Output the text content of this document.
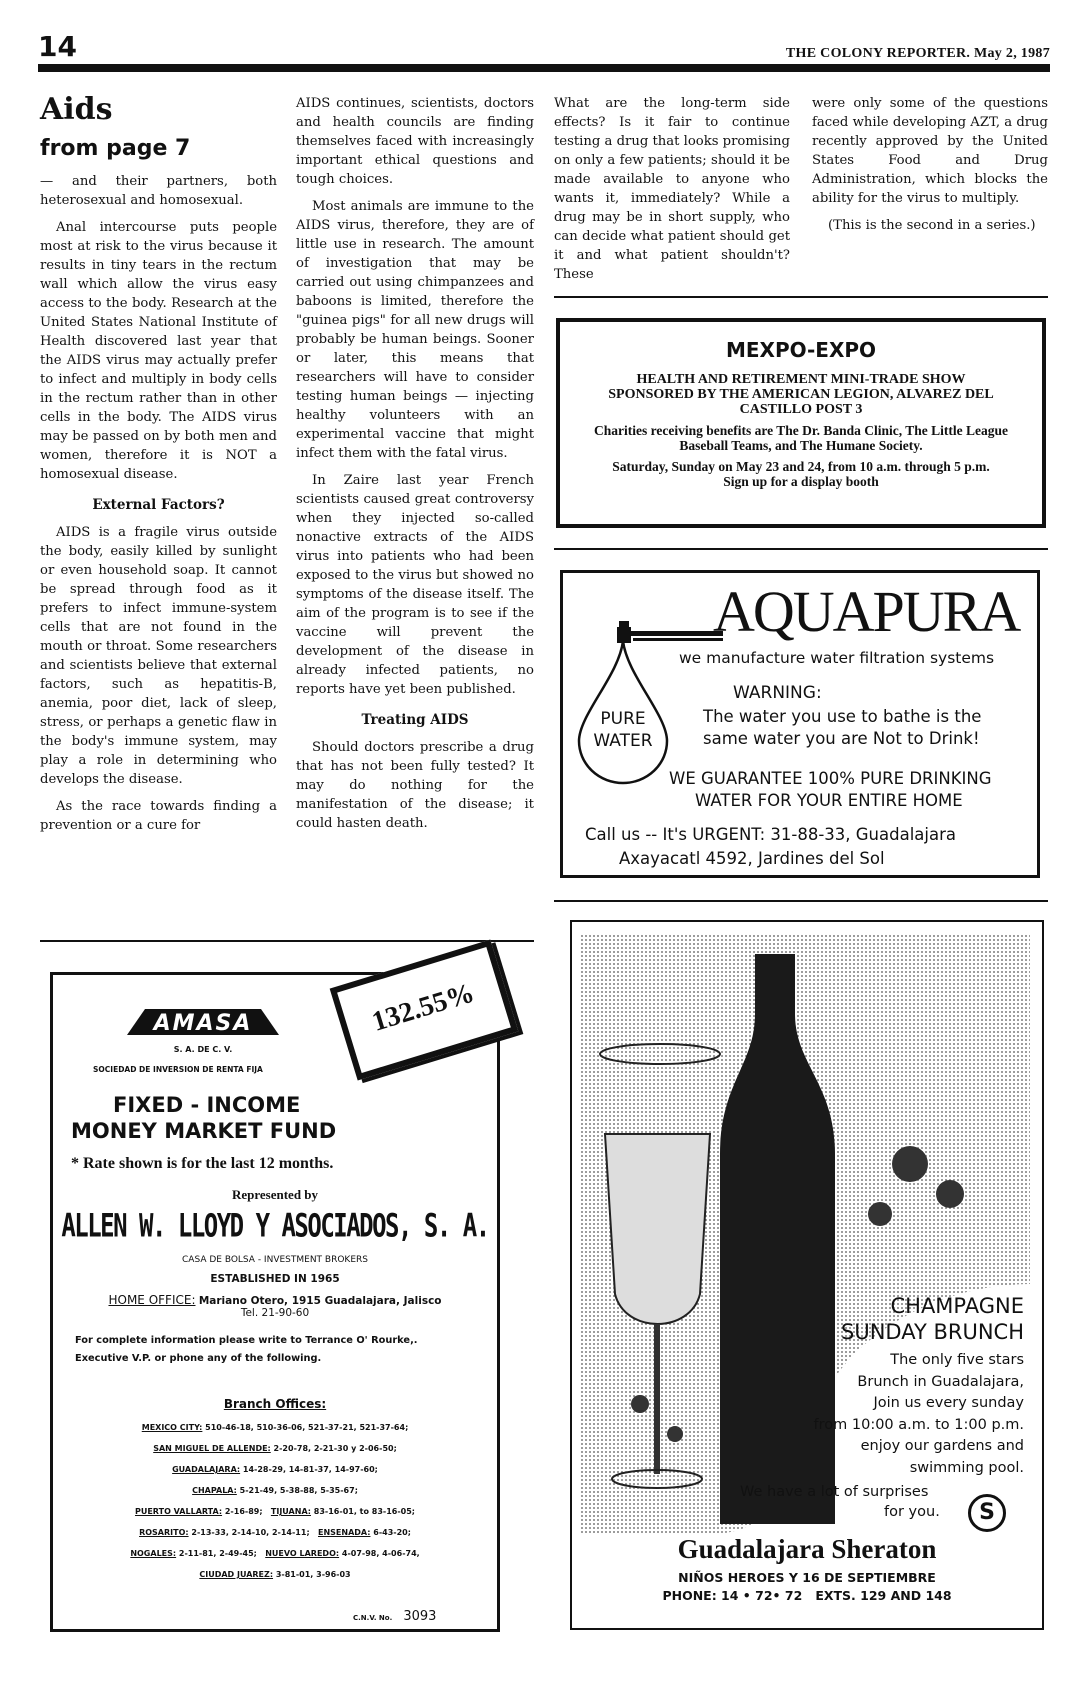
14	THE COLONY REPORTER. May 2, 1987
Aids
from page 7

— and their partners, both heterosexual and homosexual.

Anal intercourse puts people most at risk to the virus because it results in tiny tears in the rectum wall which allow the virus easy access to the body. Research at the United States National Institute of Health discovered last year that the AIDS virus may actually prefer to infect and multiply in body cells in the rectum rather than in other cells in the body. The AIDS virus may be passed on by both men and women, therefore it is NOT a homosexual disease.

External Factors?

AIDS is a fragile virus outside the body, easily killed by sunlight or even household soap. It cannot be spread through food as it prefers to infect immune-system cells that are not found in the mouth or throat. Some researchers and scientists believe that external factors, such as hepatitis-B, anemia, poor diet, lack of sleep, stress, or perhaps a genetic flaw in the body's immune system, may play a role in determining who develops the disease.

As the race towards finding a prevention or a cure for

AIDS continues, scientists, doctors and health councils are finding themselves faced with increasingly important ethical questions and tough choices.

Most animals are immune to the AIDS virus, therefore, they are of little use in research. The amount of investigation that may be carried out using chimpanzees and baboons is limited, therefore the "guinea pigs" for all new drugs will probably be human beings. Sooner or later, this means that researchers will have to consider testing human beings — injecting healthy volunteers with an experimental vaccine that might infect them with the fatal virus.

In Zaire last year French scientists caused great controversy when they injected so-called nonactive extracts of the AIDS virus into patients who had been exposed to the virus but showed no symptoms of the disease itself. The aim of the program is to see if the vaccine will prevent the development of the disease in already infected patients, no reports have yet been published.

Treating AIDS

Should doctors prescribe a drug that has not been fully tested? It may do nothing for the manifestation of the disease; it could hasten death.

What are the long-term side effects? Is it fair to continue testing a drug that looks promising on only a few patients; should it be made available to anyone who wants it, immediately? While a drug may be in short supply, who can decide what patient should get it and what patient shouldn't? These

were only some of the questions faced while developing AZT, a drug recently approved by the United States Food and Drug Administration, which blocks the ability for the virus to multiply.

(This is the second in a series.)

MEXPO-EXPO
HEALTH AND RETIREMENT MINI-TRADE SHOW
SPONSORED BY THE AMERICAN LEGION, ALVAREZ DEL CASTILLO POST 3
Charities receiving benefits are The Dr. Banda Clinic, The Little League Baseball Teams, and The Humane Society.
Saturday, Sunday on May 23 and 24, from 10 a.m. through 5 p.m.
Sign up for a display booth
AQUAPURA
we manufacture water filtration systems
PURE
WATER
WARNING:
The water you use to bathe is the
same water you are Not to Drink!
WE GUARANTEE 100% PURE DRINKING
WATER FOR YOUR ENTIRE HOME
Call us -- It's URGENT: 31-88-33, Guadalajara
Axayacatl 4592, Jardines del Sol
VALORES
AMASA
S. A. DE C. V.
SOCIEDAD DE INVERSION DE RENTA FIJA
FIXED - INCOME
MONEY MARKET FUND
* Rate shown is for the last 12 months.
Represented by
ALLEN W. LLOYD Y ASOCIADOS, S. A.
CASA DE BOLSA - INVESTMENT BROKERS
ESTABLISHED IN 1965
HOME OFFICE: Mariano Otero, 1915 Guadalajara, Jalisco
Tel. 21-90-60
For complete information please write to Terrance O' Rourke,.
Executive V.P. or phone any of the following.
Branch Offices:
MEXICO CITY: 510-46-18, 510-36-06, 521-37-21, 521-37-64;
SAN MIGUEL DE ALLENDE: 2-20-78, 2-21-30 y 2-06-50;
GUADALAJARA: 14-28-29, 14-81-37, 14-97-60;
CHAPALA: 5-21-49, 5-38-88, 5-35-67;
PUERTO VALLARTA: 2-16-89; TIJUANA: 83-16-01, to 83-16-05;
ROSARITO: 2-13-33, 2-14-10, 2-14-11; ENSENADA: 6-43-20;
NOGALES: 2-11-81, 2-49-45; NUEVO LAREDO: 4-07-98, 4-06-74,
CIUDAD JUAREZ: 3-81-01, 3-96-03
C.N.V. No. 3093
132.55%
CHAMPAGNE
SUNDAY BRUNCH
The only five stars
Brunch in Guadalajara,
Join us every sunday
from 10:00 a.m. to 1:00 p.m.
enjoy our gardens and
swimming pool.
We have a lot of surprises
for you.	S
Guadalajara Sheraton
NIÑOS HEROES Y 16 DE SEPTIEMBRE
PHONE: 14 • 72• 72   EXTS. 129 AND 148
